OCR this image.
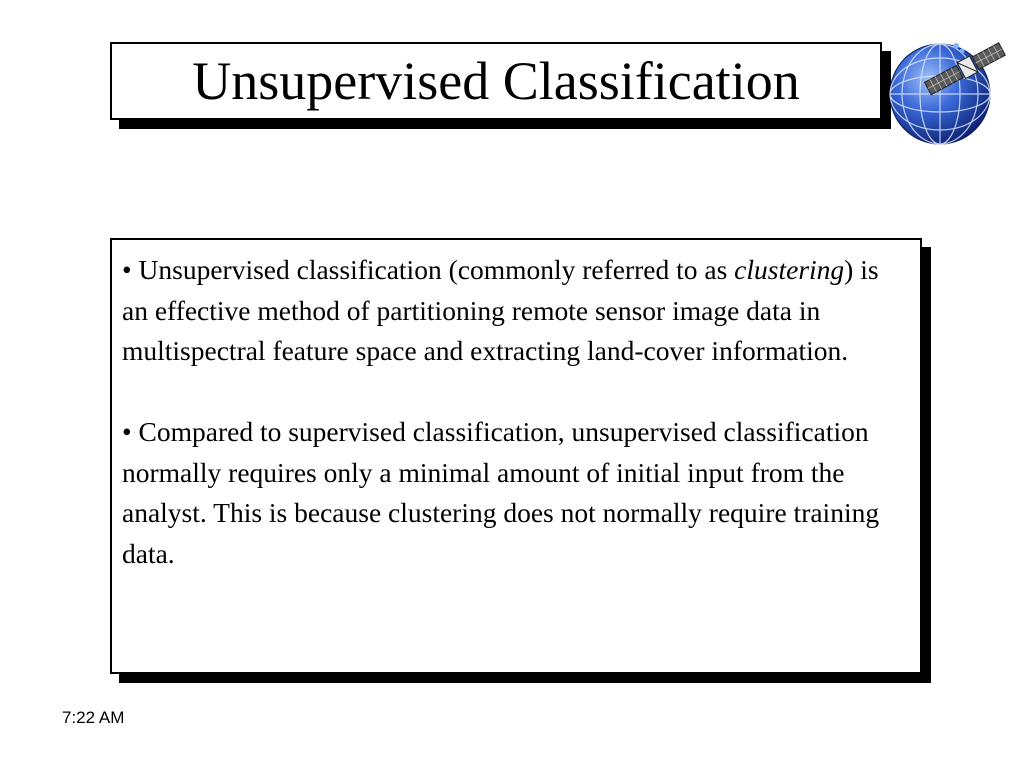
Unsupervised Classification

• Unsupervised classification (commonly referred to as clustering) is an effective method of partitioning remote sensor image data in multispectral feature space and extracting land-cover information.

• Compared to supervised classification, unsupervised classification normally requires only a minimal amount of initial input from the analyst. This is because clustering does not normally require training data.

7:22 AM
